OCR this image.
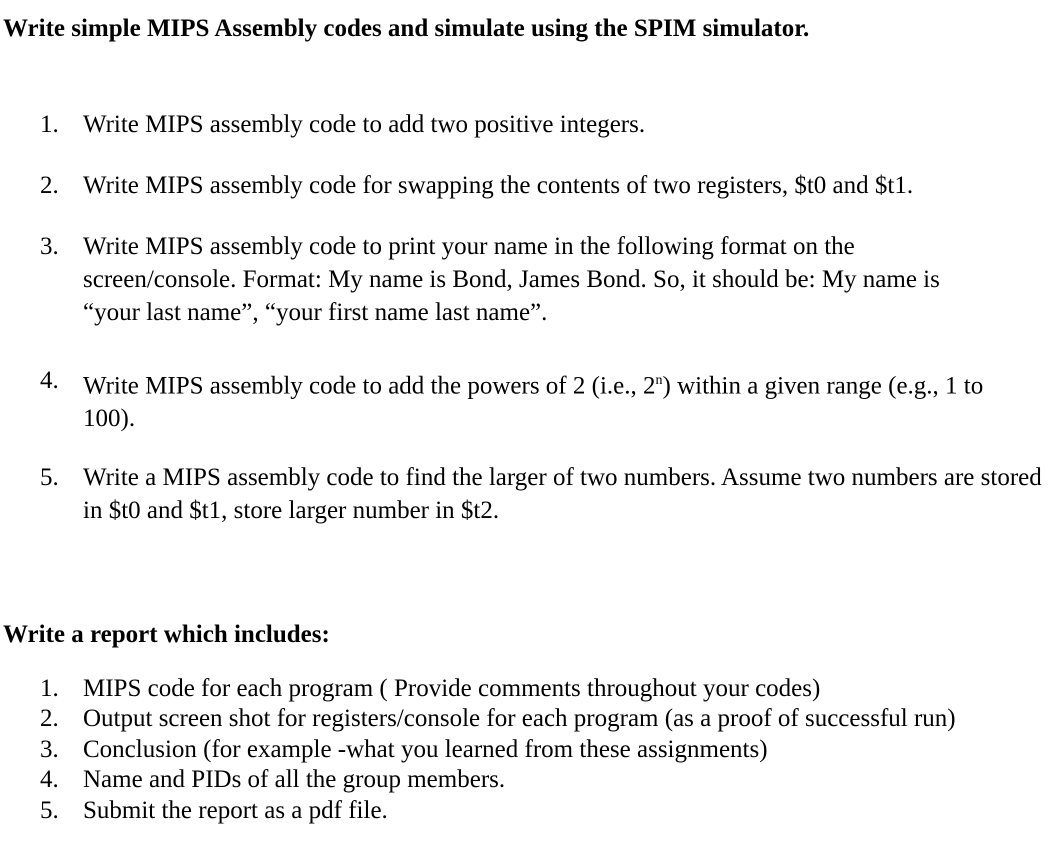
Write simple MIPS Assembly codes and simulate using the SPIM simulator.
1. Write MIPS assembly code to add two positive integers.
2. Write MIPS assembly code for swapping the contents of two registers, $t0 and $t1.
3. Write MIPS assembly code to print your name in the following format on the screen/console. Format: My name is Bond, James Bond. So, it should be: My name is “your last name”, “your first name last name”.
4. Write MIPS assembly code to add the powers of 2 (i.e., 2$^n$) within a given range (e.g., 1 to 100).
5. Write a MIPS assembly code to find the larger of two numbers. Assume two numbers are stored in $t0 and $t1, store larger number in $t2.
Write a report which includes:
1. MIPS code for each program ( Provide comments throughout your codes)
2. Output screen shot for registers/console for each program (as a proof of successful run)
3. Conclusion (for example -what you learned from these assignments)
4. Name and PIDs of all the group members.
5. Submit the report as a pdf file.
